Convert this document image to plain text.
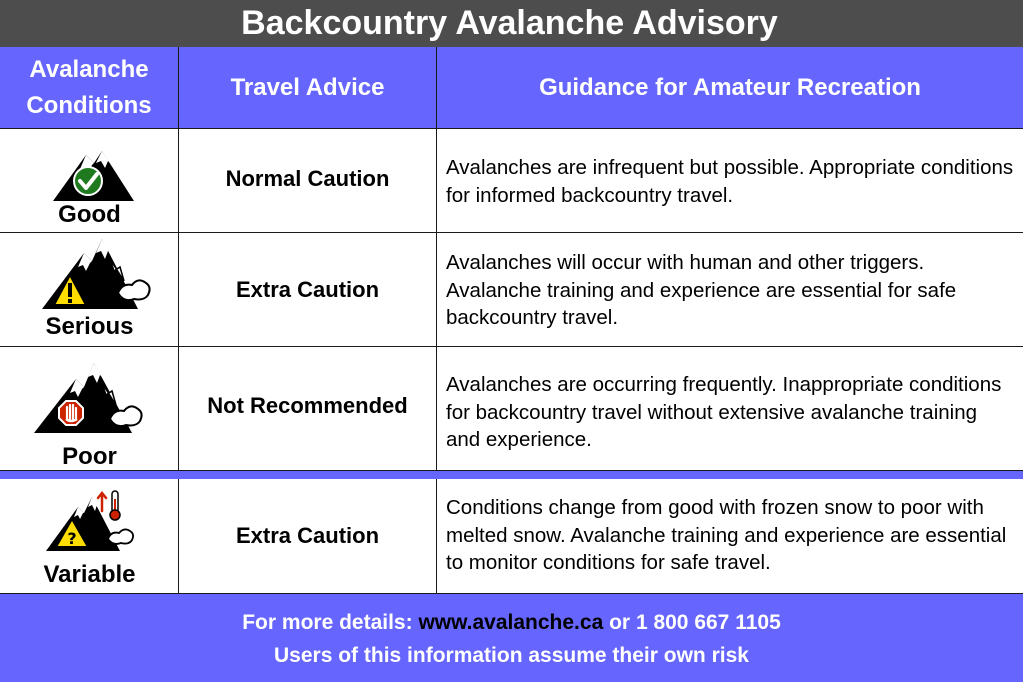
Backcountry Avalanche Advisory
Avalanche Conditions
Travel Advice	Guidance for Amateur Recreation
Good
Normal Caution	Avalanches are infrequent but possible. Appropriate conditions for informed backcountry travel.
Serious
Extra Caution
Avalanches will occur with human and other triggers. Avalanche training and experience are essential for safe backcountry travel.
Poor
Not Recommended
Avalanches are occurring frequently. Inappropriate conditions for backcountry travel without extensive avalanche training and experience.
?
Variable
Extra Caution
Conditions change from good with frozen snow to poor with melted snow. Avalanche training and experience are essential to monitor conditions for safe travel.
For more details: www.avalanche.ca or 1 800 667 1105
Users of this information assume their own risk
